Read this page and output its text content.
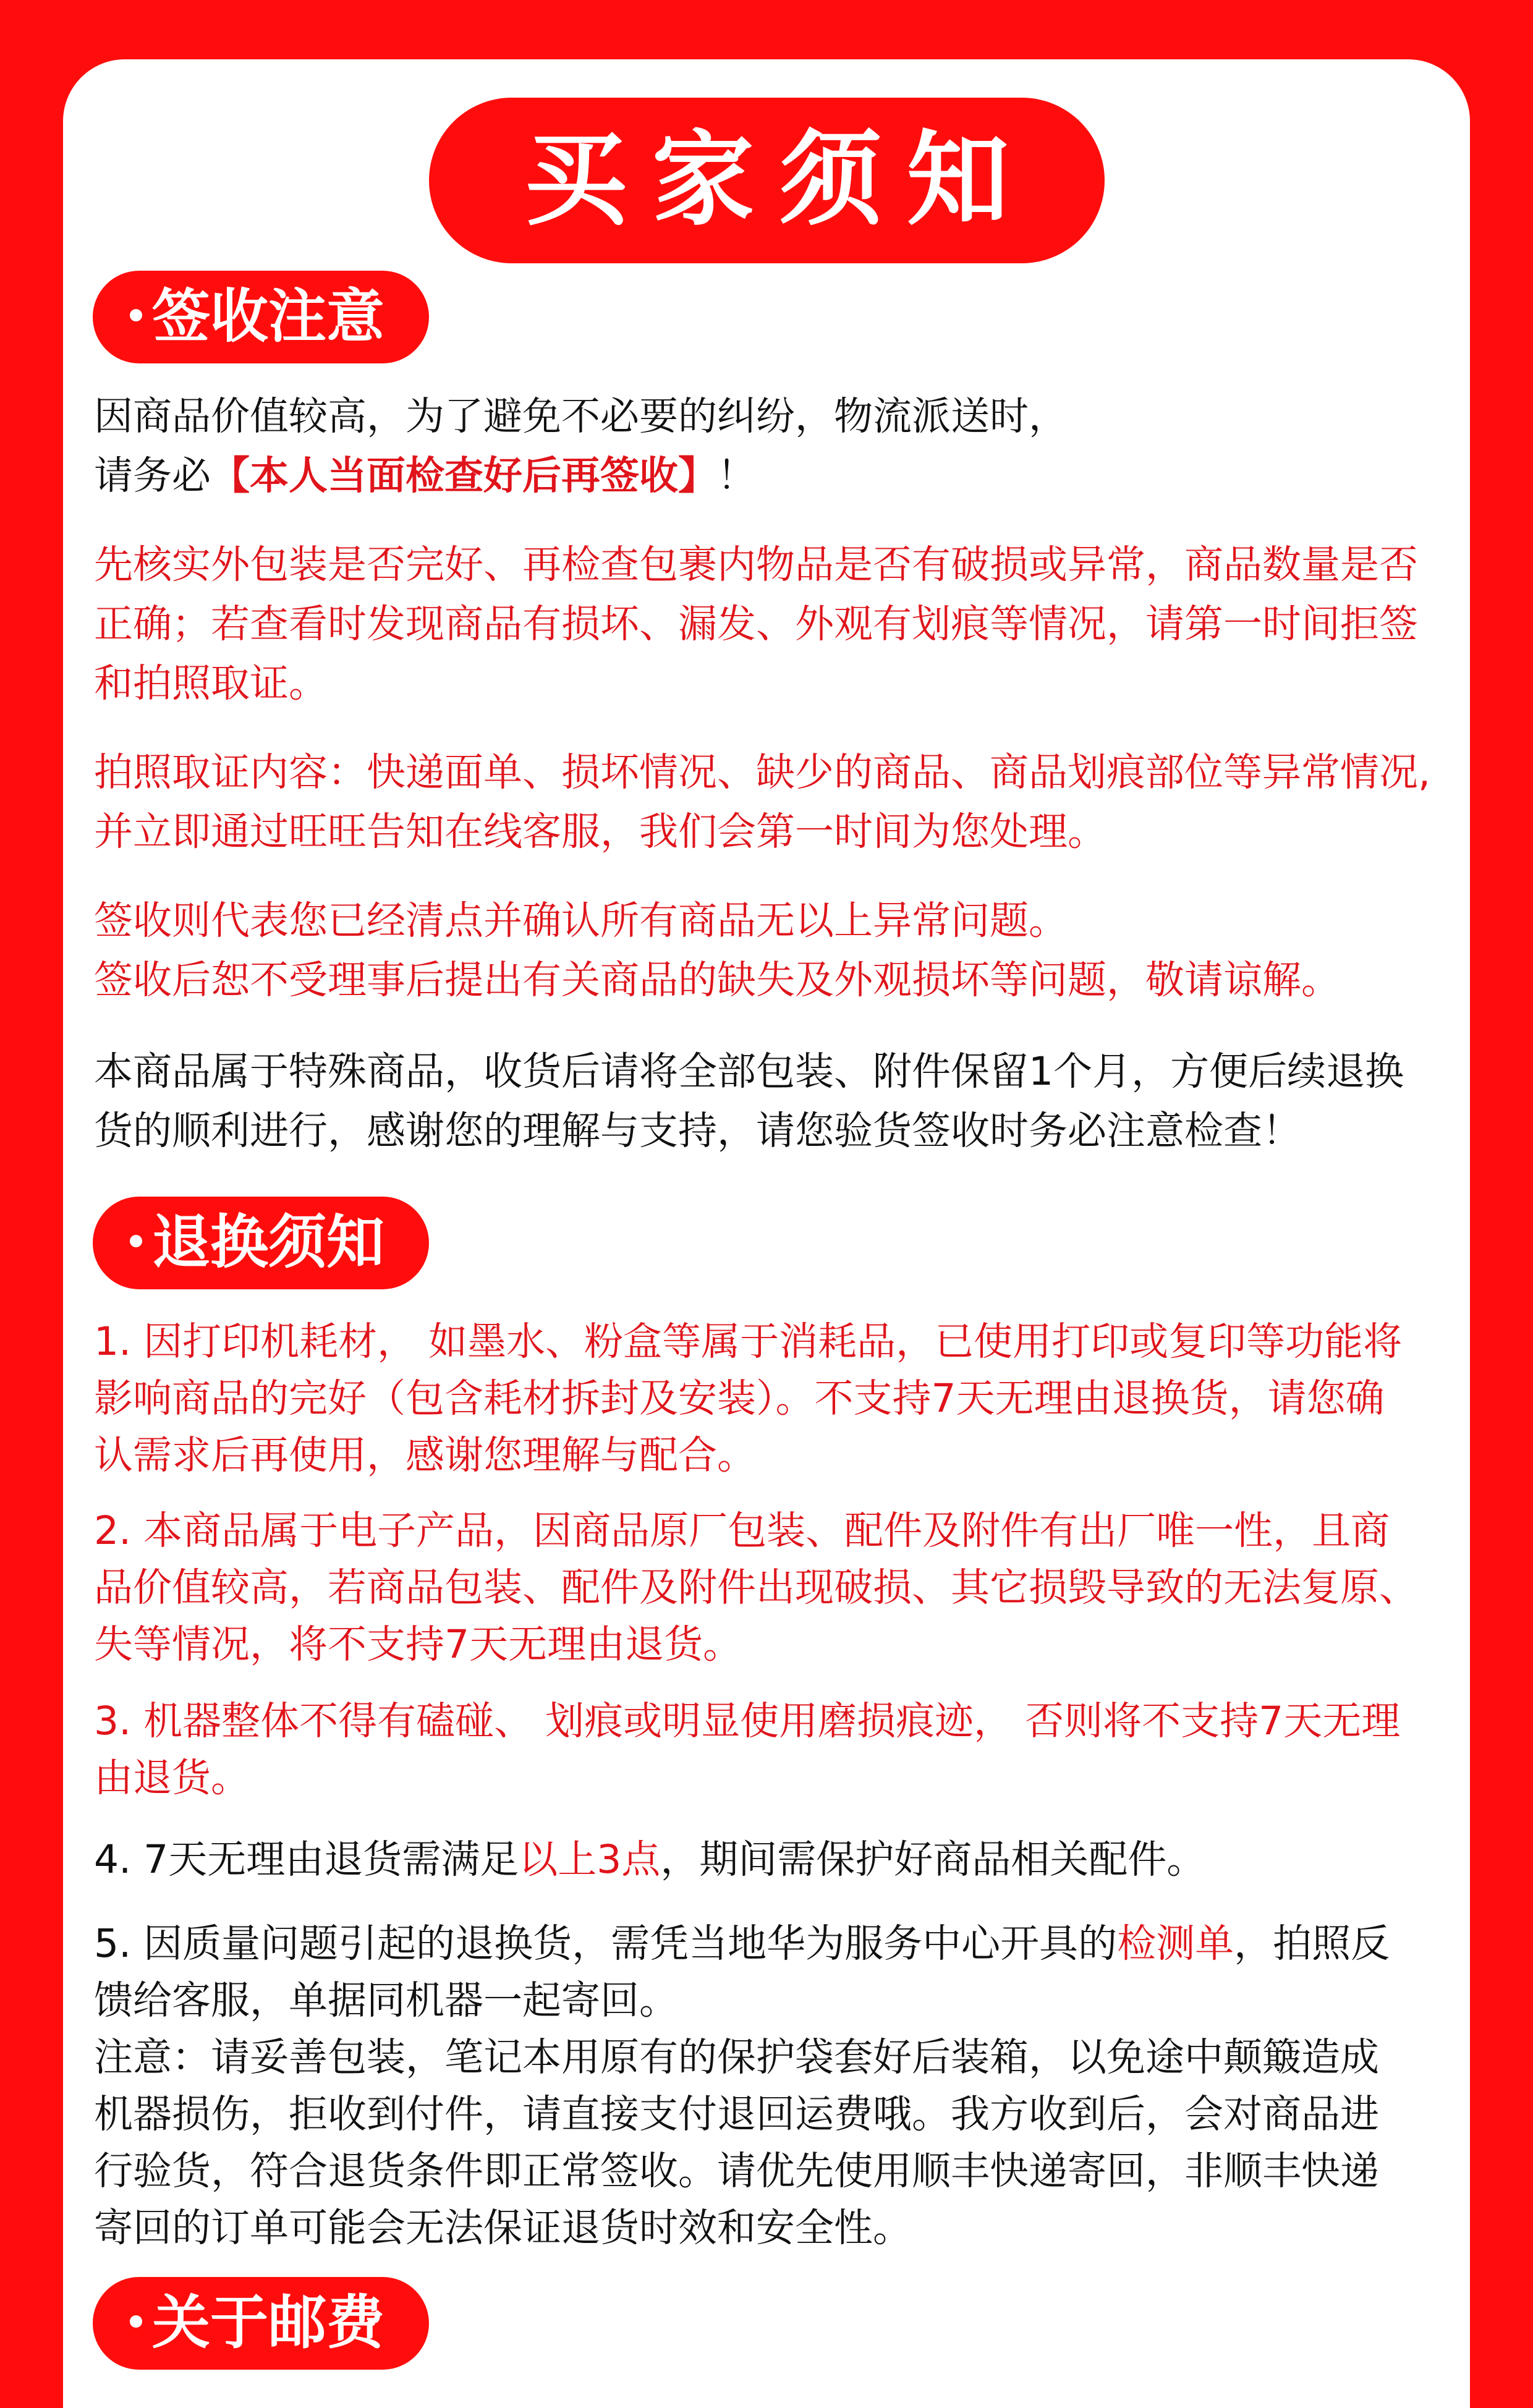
买家须知
签收注意

因商品价值较高，为了避免不必要的纠纷，物流派送时，

请务必【本人当面检查好后再签收】！

先核实外包装是否完好、再检查包裹内物品是否有破损或异常，商品数量是否

正确；若查看时发现商品有损坏、漏发、外观有划痕等情况，请第一时间拒签

和拍照取证。

拍照取证内容：快递面单、损坏情况、缺少的商品、商品划痕部位等异常情况,

并立即通过旺旺告知在线客服，我们会第一时间为您处理。

签收则代表您已经清点并确认所有商品无以上异常问题。

签收后恕不受理事后提出有关商品的缺失及外观损坏等问题，敬请谅解。

本商品属于特殊商品，收货后请将全部包装、附件保留1个月，方便后续退换

货的顺利进行，感谢您的理解与支持，请您验货签收时务必注意检查！

退换须知

1. 因打印机耗材， 如墨水、粉盒等属于消耗品，已使用打印或复印等功能将

影响商品的完好（包含耗材拆封及安装）。不支持7天无理由退换货，请您确

认需求后再使用，感谢您理解与配合。

2. 本商品属于电子产品，因商品原厂包装、配件及附件有出厂唯一性，且商

品价值较高，若商品包装、配件及附件出现破损、其它损毁导致的无法复原、

失等情况，将不支持7天无理由退货。

3. 机器整体不得有磕碰、 划痕或明显使用磨损痕迹， 否则将不支持7天无理

由退货。

4. 7天无理由退货需满足以上3点，期间需保护好商品相关配件。

5. 因质量问题引起的退换货，需凭当地华为服务中心开具的检测单，拍照反

馈给客服，单据同机器一起寄回。

注意：请妥善包装，笔记本用原有的保护袋套好后装箱，以免途中颠簸造成

机器损伤，拒收到付件，请直接支付退回运费哦。我方收到后，会对商品进

行验货，符合退货条件即正常签收。请优先使用顺丰快递寄回，非顺丰快递

寄回的订单可能会无法保证退货时效和安全性。

关于邮费
